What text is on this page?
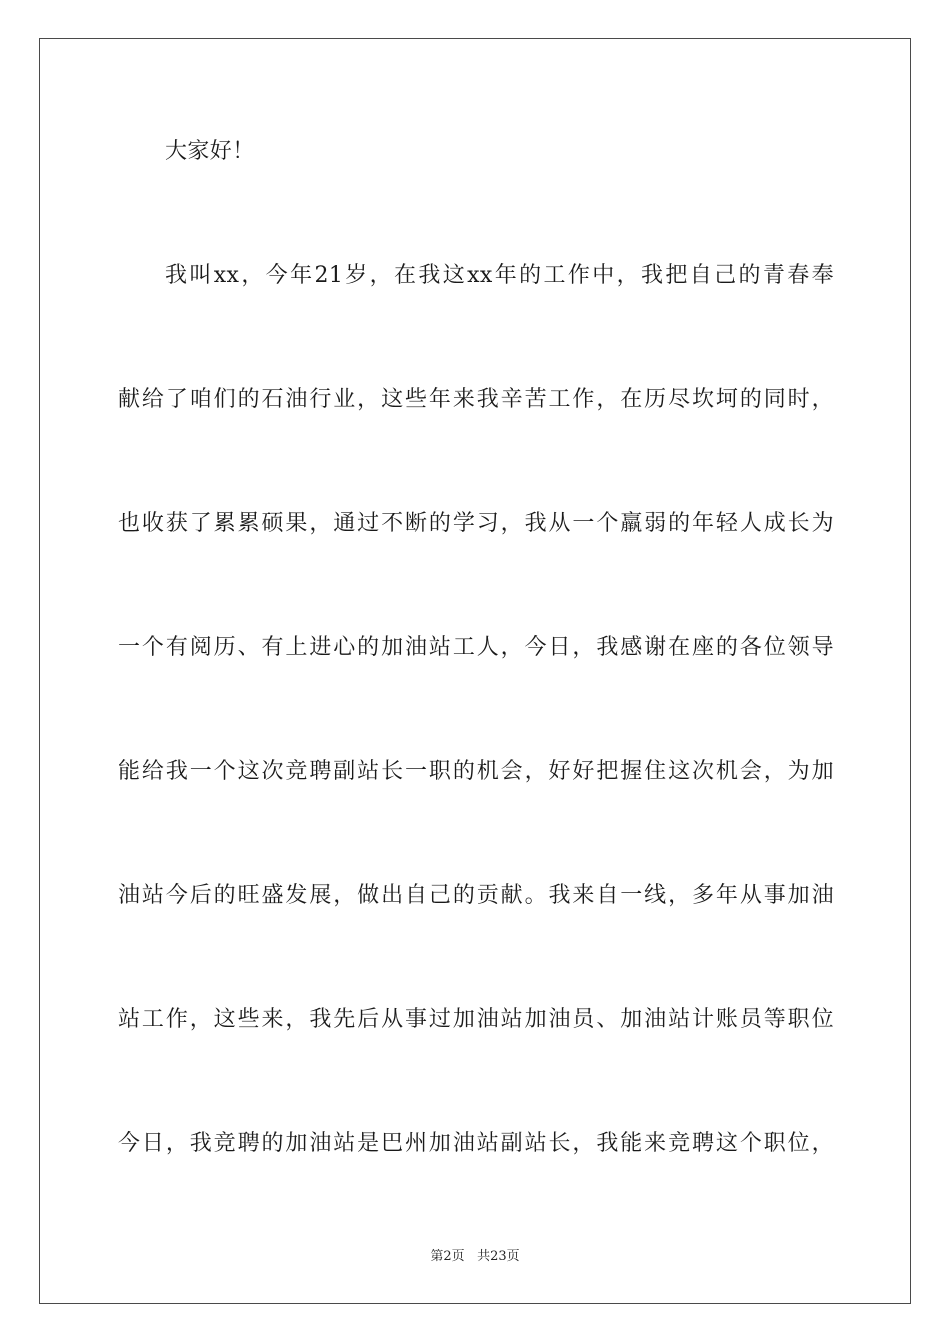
大家好！
我叫xx，今年21岁，在我这xx年的工作中，我把自己的青春奉
献给了咱们的石油行业，这些年来我辛苦工作，在历尽坎坷的同时，
也收获了累累硕果，通过不断的学习，我从一个羸弱的年轻人成长为
一个有阅历、有上进心的加油站工人，今日，我感谢在座的各位领导
能给我一个这次竞聘副站长一职的机会，好好把握住这次机会，为加
油站今后的旺盛发展，做出自己的贡献。我来自一线，多年从事加油
站工作，这些来，我先后从事过加油站加油员、加油站计账员等职位
今日，我竞聘的加油站是巴州加油站副站长，我能来竞聘这个职位，
第2页 共23页
